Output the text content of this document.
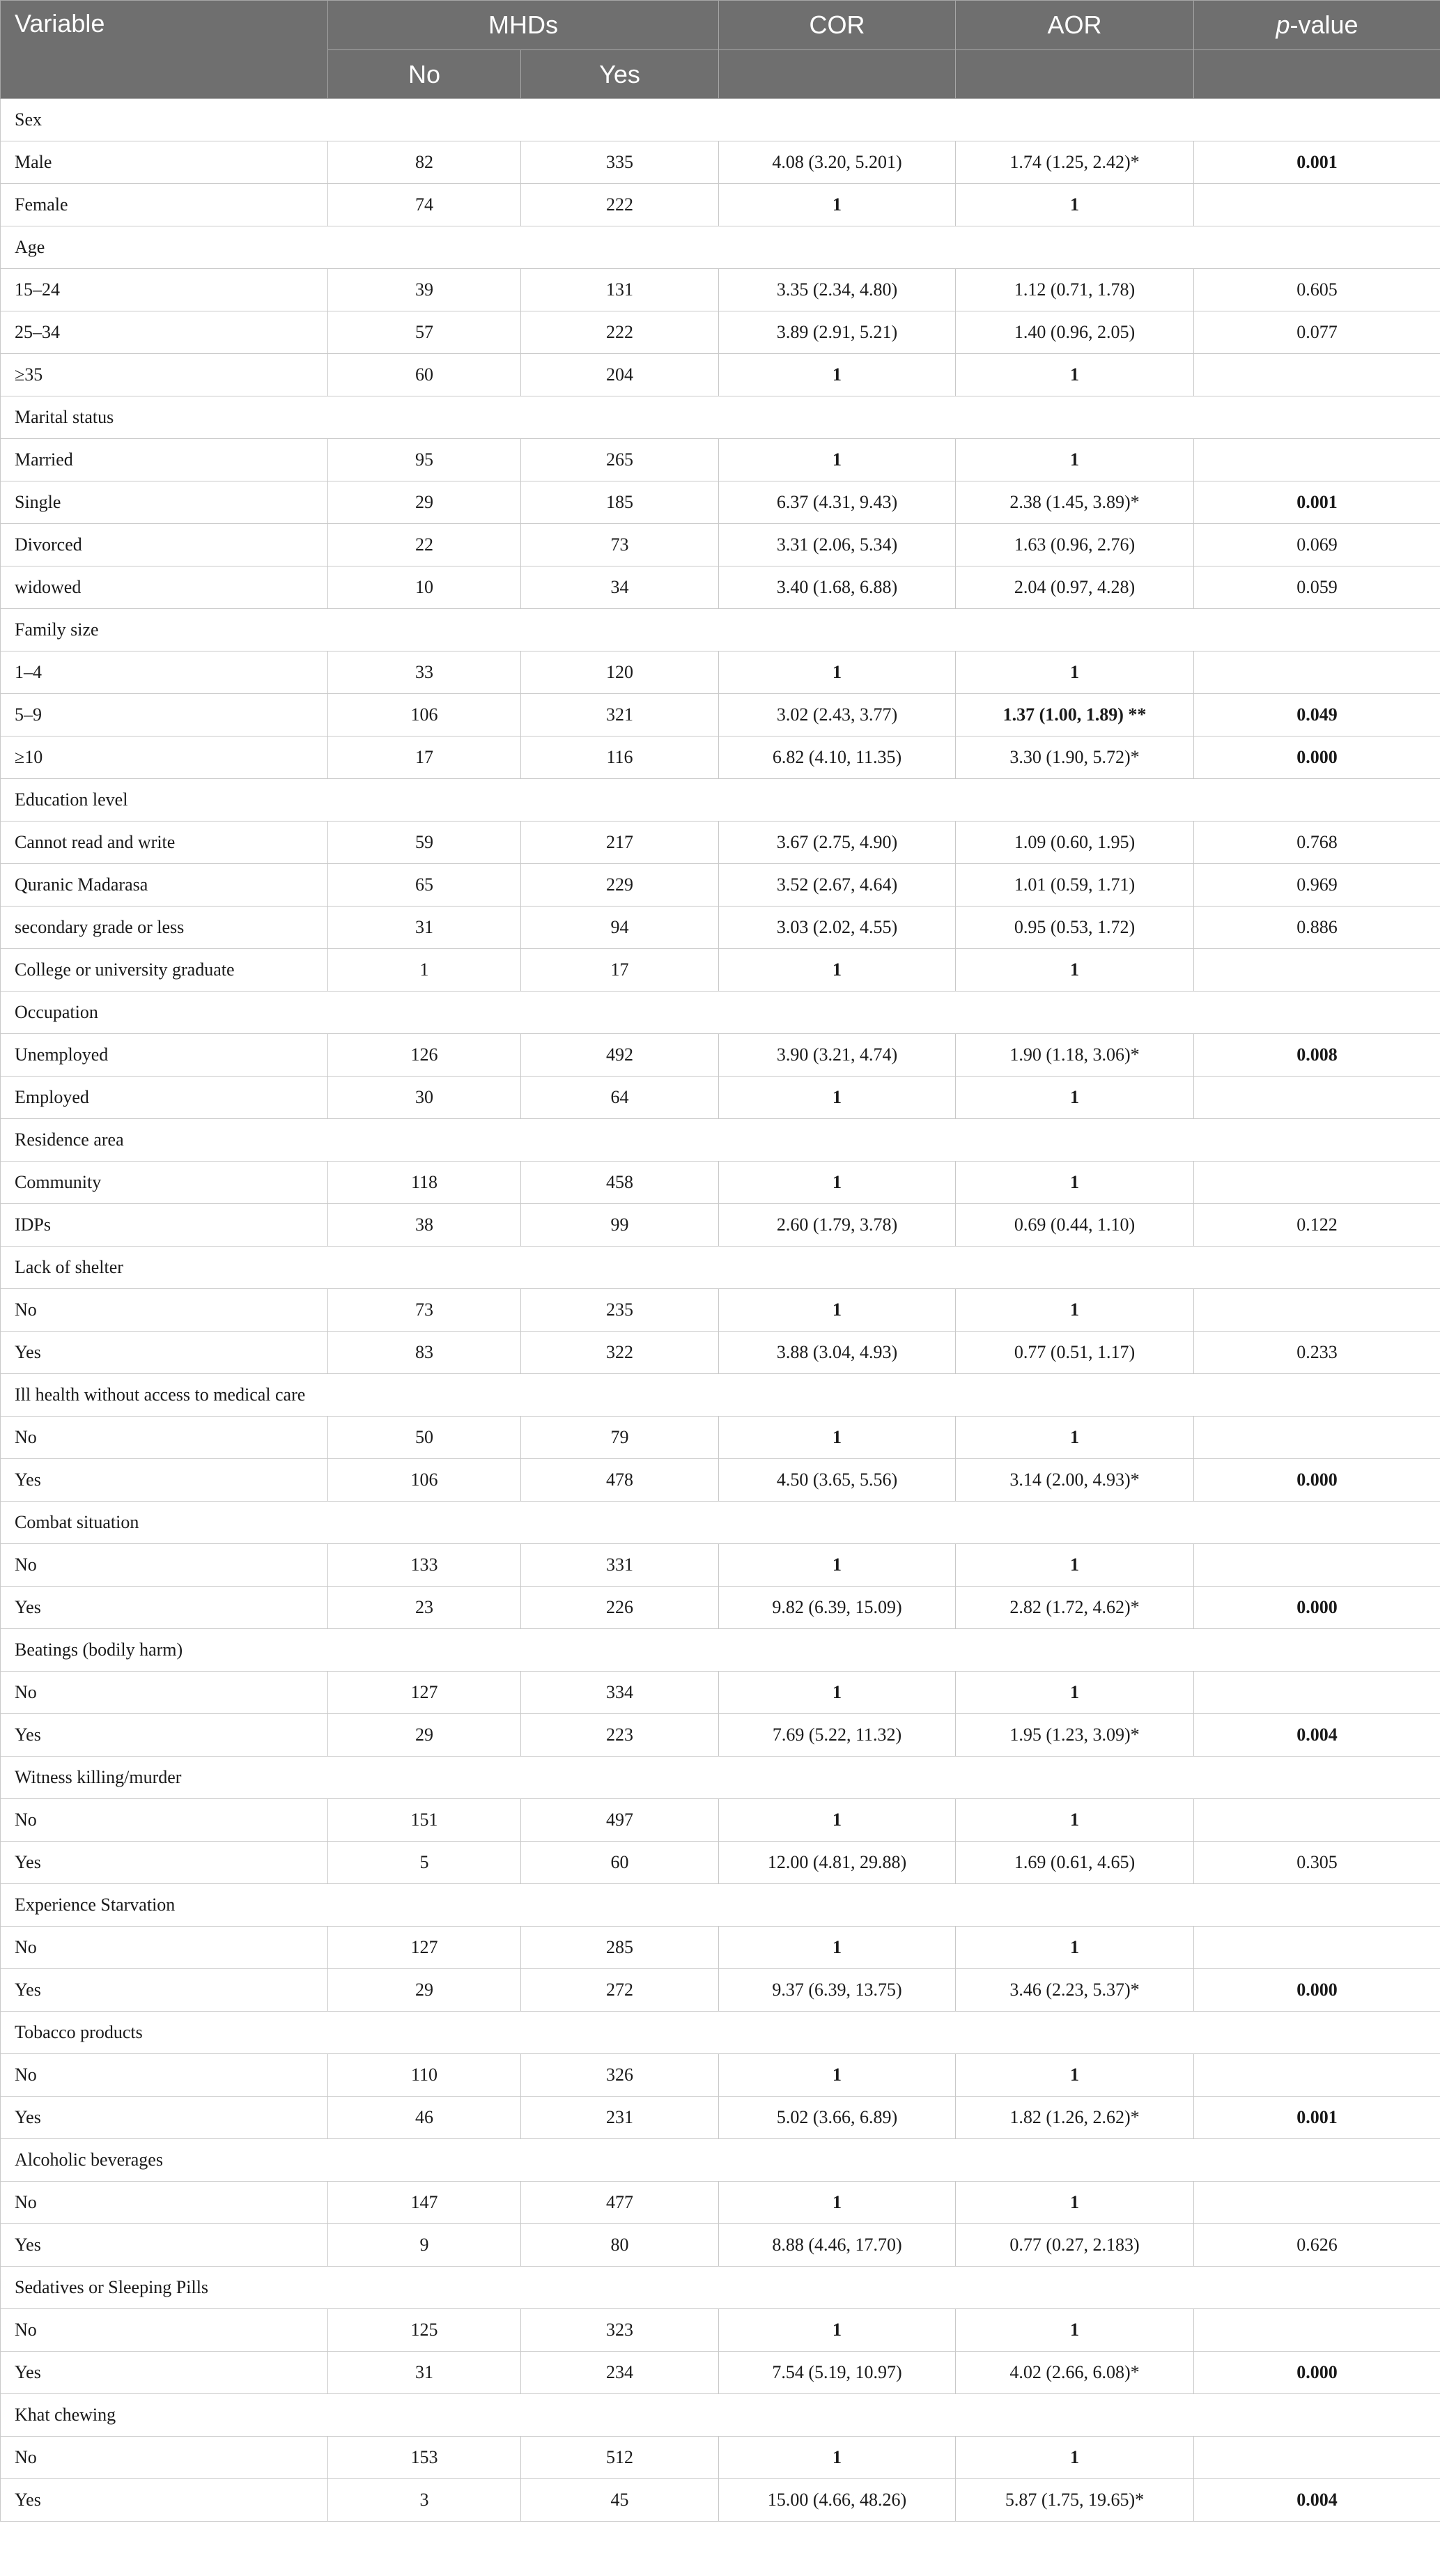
Variable	MHDs		COR	AOR	p-value
	No	Yes			
Sex					
Male	82	335	4.08 (3.20, 5.201)	1.74 (1.25, 2.42)*	0.001
Female	74	222	1	1	
Age					
15–24	39	131	3.35 (2.34, 4.80)	1.12 (0.71, 1.78)	0.605
25–34	57	222	3.89 (2.91, 5.21)	1.40 (0.96, 2.05)	0.077
≥35	60	204	1	1	
Marital status					
Married	95	265	1	1	
Single	29	185	6.37 (4.31, 9.43)	2.38 (1.45, 3.89)*	0.001
Divorced	22	73	3.31 (2.06, 5.34)	1.63 (0.96, 2.76)	0.069
widowed	10	34	3.40 (1.68, 6.88)	2.04 (0.97, 4.28)	0.059
Family size					
1–4	33	120	1	1	
5–9	106	321	3.02 (2.43, 3.77)	1.37 (1.00, 1.89) **	0.049
≥10	17	116	6.82 (4.10, 11.35)	3.30 (1.90, 5.72)*	0.000
Education level					
Cannot read and write	59	217	3.67 (2.75, 4.90)	1.09 (0.60, 1.95)	0.768
Quranic Madarasa	65	229	3.52 (2.67, 4.64)	1.01 (0.59, 1.71)	0.969
secondary grade or less	31	94	3.03 (2.02, 4.55)	0.95 (0.53, 1.72)	0.886
College or university graduate	1	17	1	1	
Occupation					
Unemployed	126	492	3.90 (3.21, 4.74)	1.90 (1.18, 3.06)*	0.008
Employed	30	64	1	1	
Residence area					
Community	118	458	1	1	
IDPs	38	99	2.60 (1.79, 3.78)	0.69 (0.44, 1.10)	0.122
Lack of shelter					
No	73	235	1	1	
Yes	83	322	3.88 (3.04, 4.93)	0.77 (0.51, 1.17)	0.233
Ill health without access to medical care					
No	50	79	1	1	
Yes	106	478	4.50 (3.65, 5.56)	3.14 (2.00, 4.93)*	0.000
Combat situation					
No	133	331	1	1	
Yes	23	226	9.82 (6.39, 15.09)	2.82 (1.72, 4.62)*	0.000
Beatings (bodily harm)					
No	127	334	1	1	
Yes	29	223	7.69 (5.22, 11.32)	1.95 (1.23, 3.09)*	0.004
Witness killing/murder					
No	151	497	1	1	
Yes	5	60	12.00 (4.81, 29.88)	1.69 (0.61, 4.65)	0.305
Experience Starvation					
No	127	285	1	1	
Yes	29	272	9.37 (6.39, 13.75)	3.46 (2.23, 5.37)*	0.000
Tobacco products					
No	110	326	1	1	
Yes	46	231	5.02 (3.66, 6.89)	1.82 (1.26, 2.62)*	0.001
Alcoholic beverages					
No	147	477	1	1	
Yes	9	80	8.88 (4.46, 17.70)	0.77 (0.27, 2.183)	0.626
Sedatives or Sleeping Pills					
No	125	323	1	1	
Yes	31	234	7.54 (5.19, 10.97)	4.02 (2.66, 6.08)*	0.000
Khat chewing					
No	153	512	1	1	
Yes	3	45	15.00 (4.66, 48.26)	5.87 (1.75, 19.65)*	0.004
